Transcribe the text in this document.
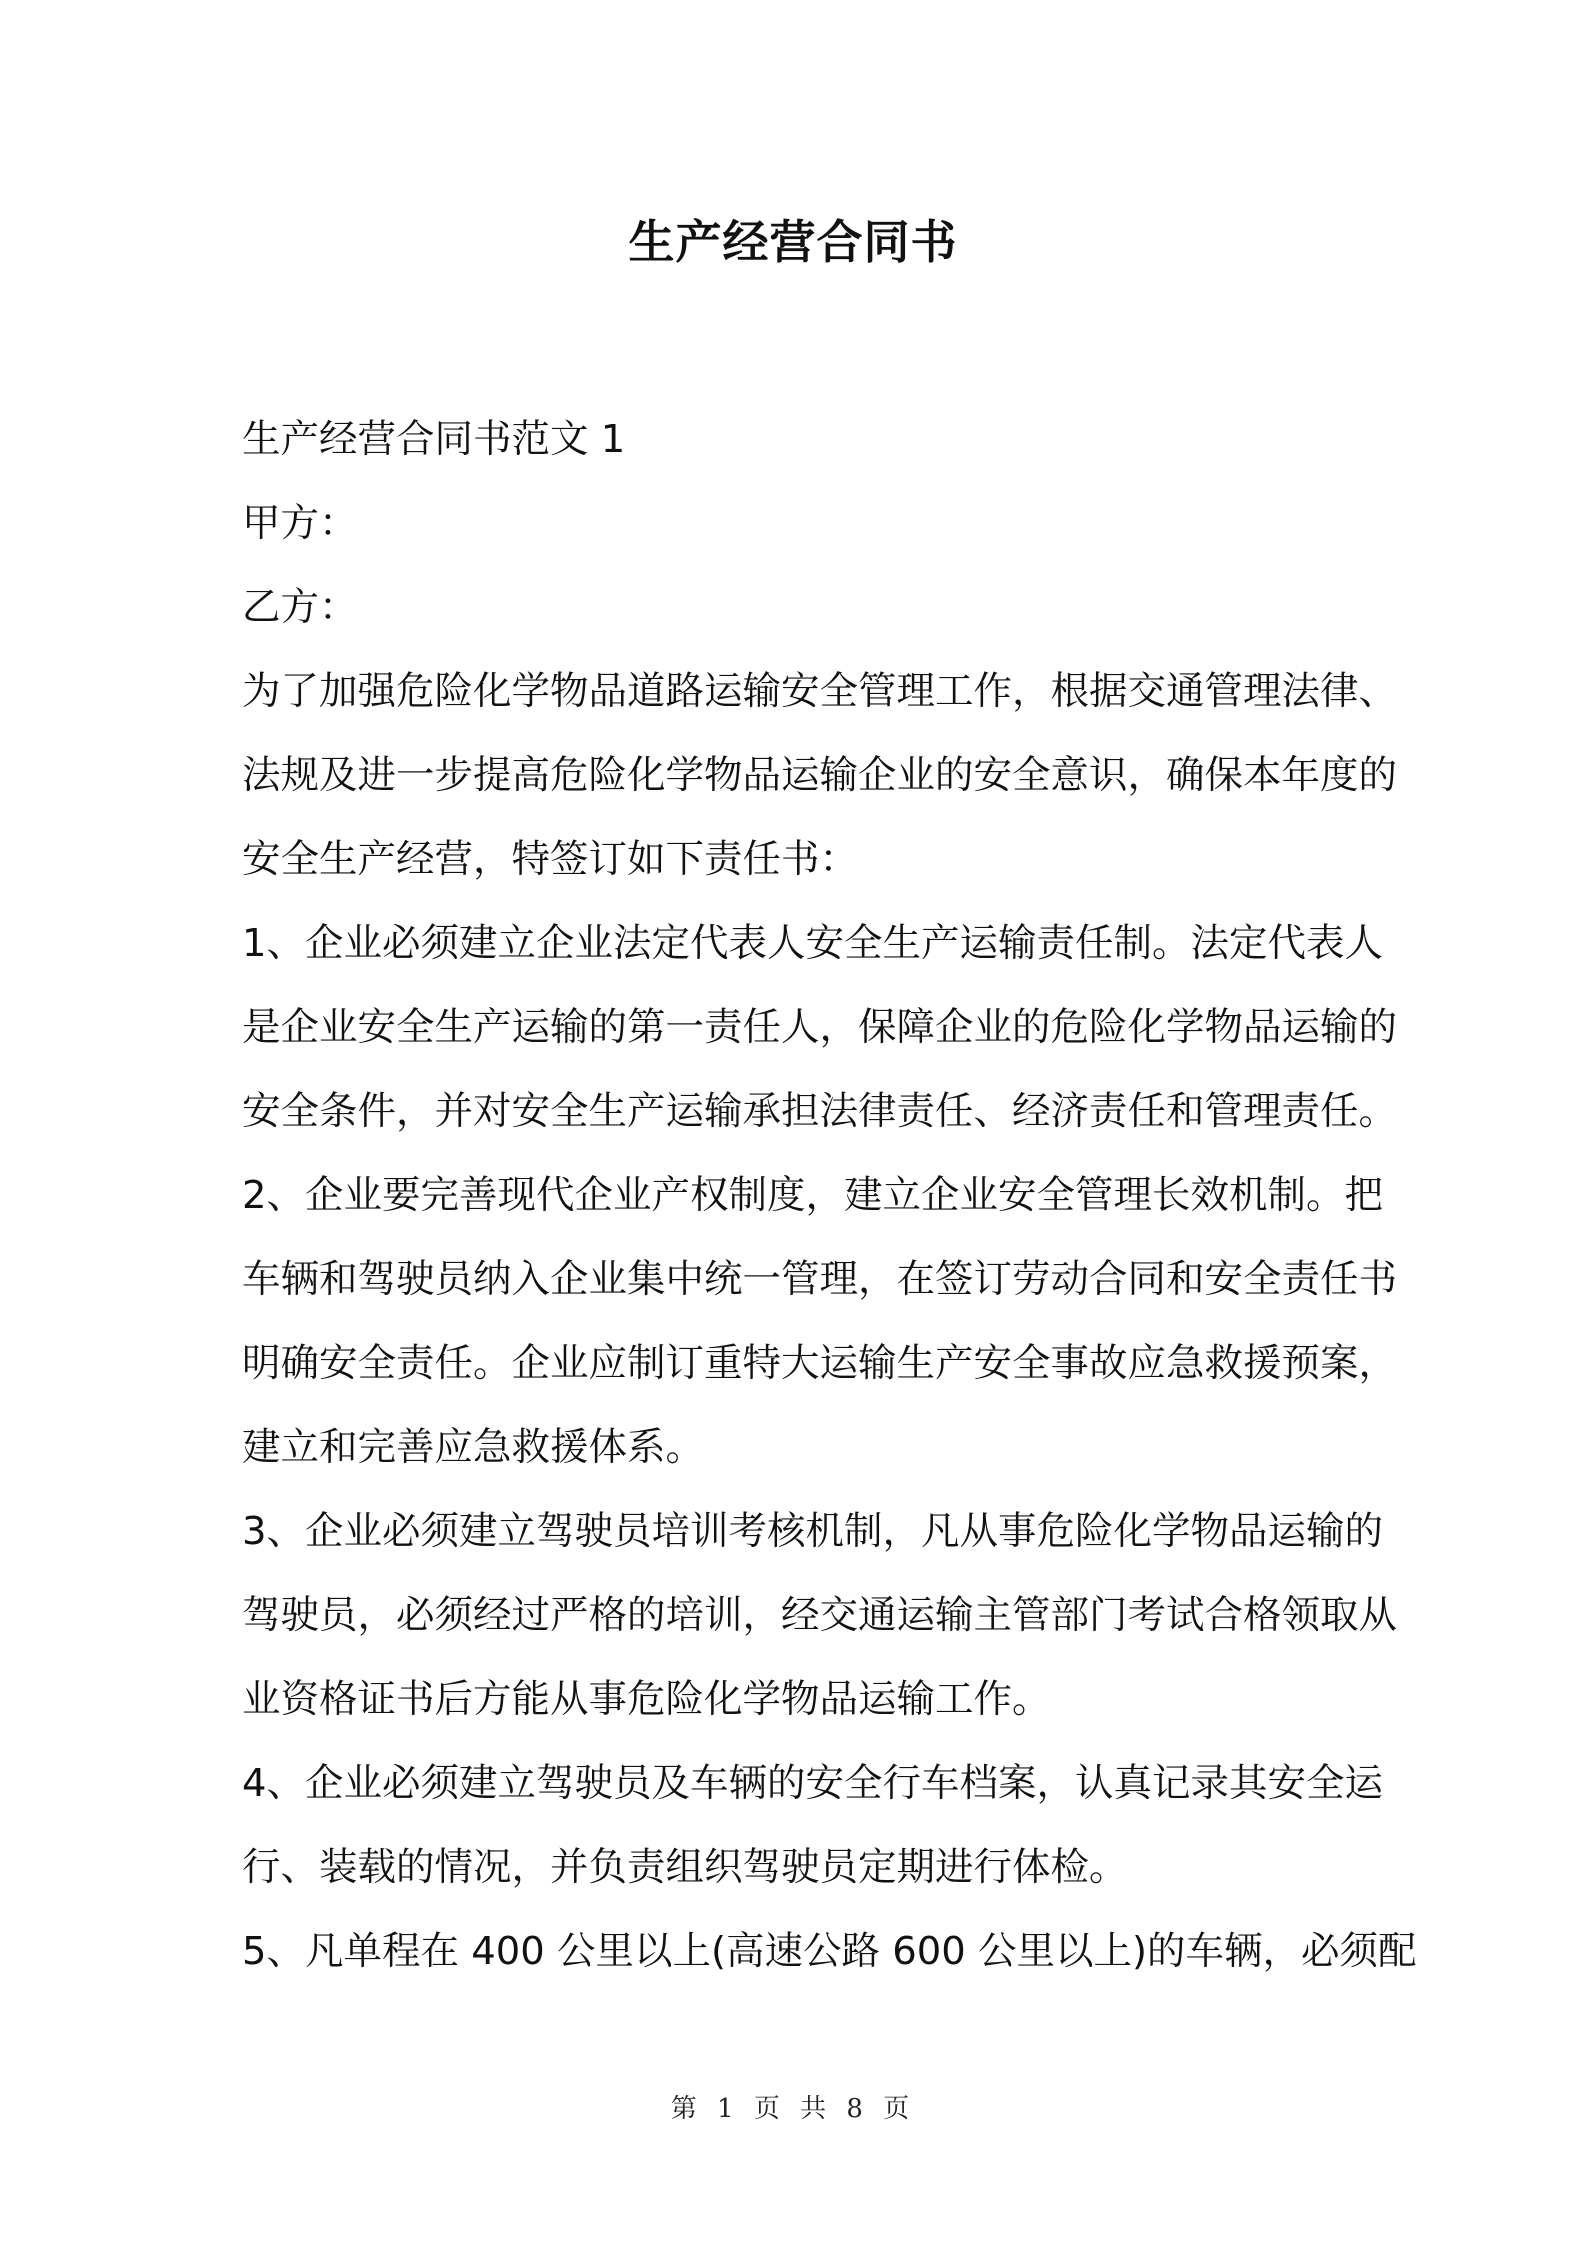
生产经营合同书
生产经营合同书范文 1
甲方：
乙方：
为了加强危险化学物品道路运输安全管理工作，根据交通管理法律、
法规及进一步提高危险化学物品运输企业的安全意识，确保本年度的
安全生产经营，特签订如下责任书：
1、企业必须建立企业法定代表人安全生产运输责任制。法定代表人
是企业安全生产运输的第一责任人，保障企业的危险化学物品运输的
安全条件，并对安全生产运输承担法律责任、经济责任和管理责任。
2、企业要完善现代企业产权制度，建立企业安全管理长效机制。把
车辆和驾驶员纳入企业集中统一管理，在签订劳动合同和安全责任书
明确安全责任。企业应制订重特大运输生产安全事故应急救援预案，
建立和完善应急救援体系。
3、企业必须建立驾驶员培训考核机制，凡从事危险化学物品运输的
驾驶员，必须经过严格的培训，经交通运输主管部门考试合格领取从
业资格证书后方能从事危险化学物品运输工作。
4、企业必须建立驾驶员及车辆的安全行车档案，认真记录其安全运
行、装载的情况，并负责组织驾驶员定期进行体检。
5、凡单程在 400 公里以上(高速公路 600 公里以上)的车辆，必须配
第 1 页 共 8 页
